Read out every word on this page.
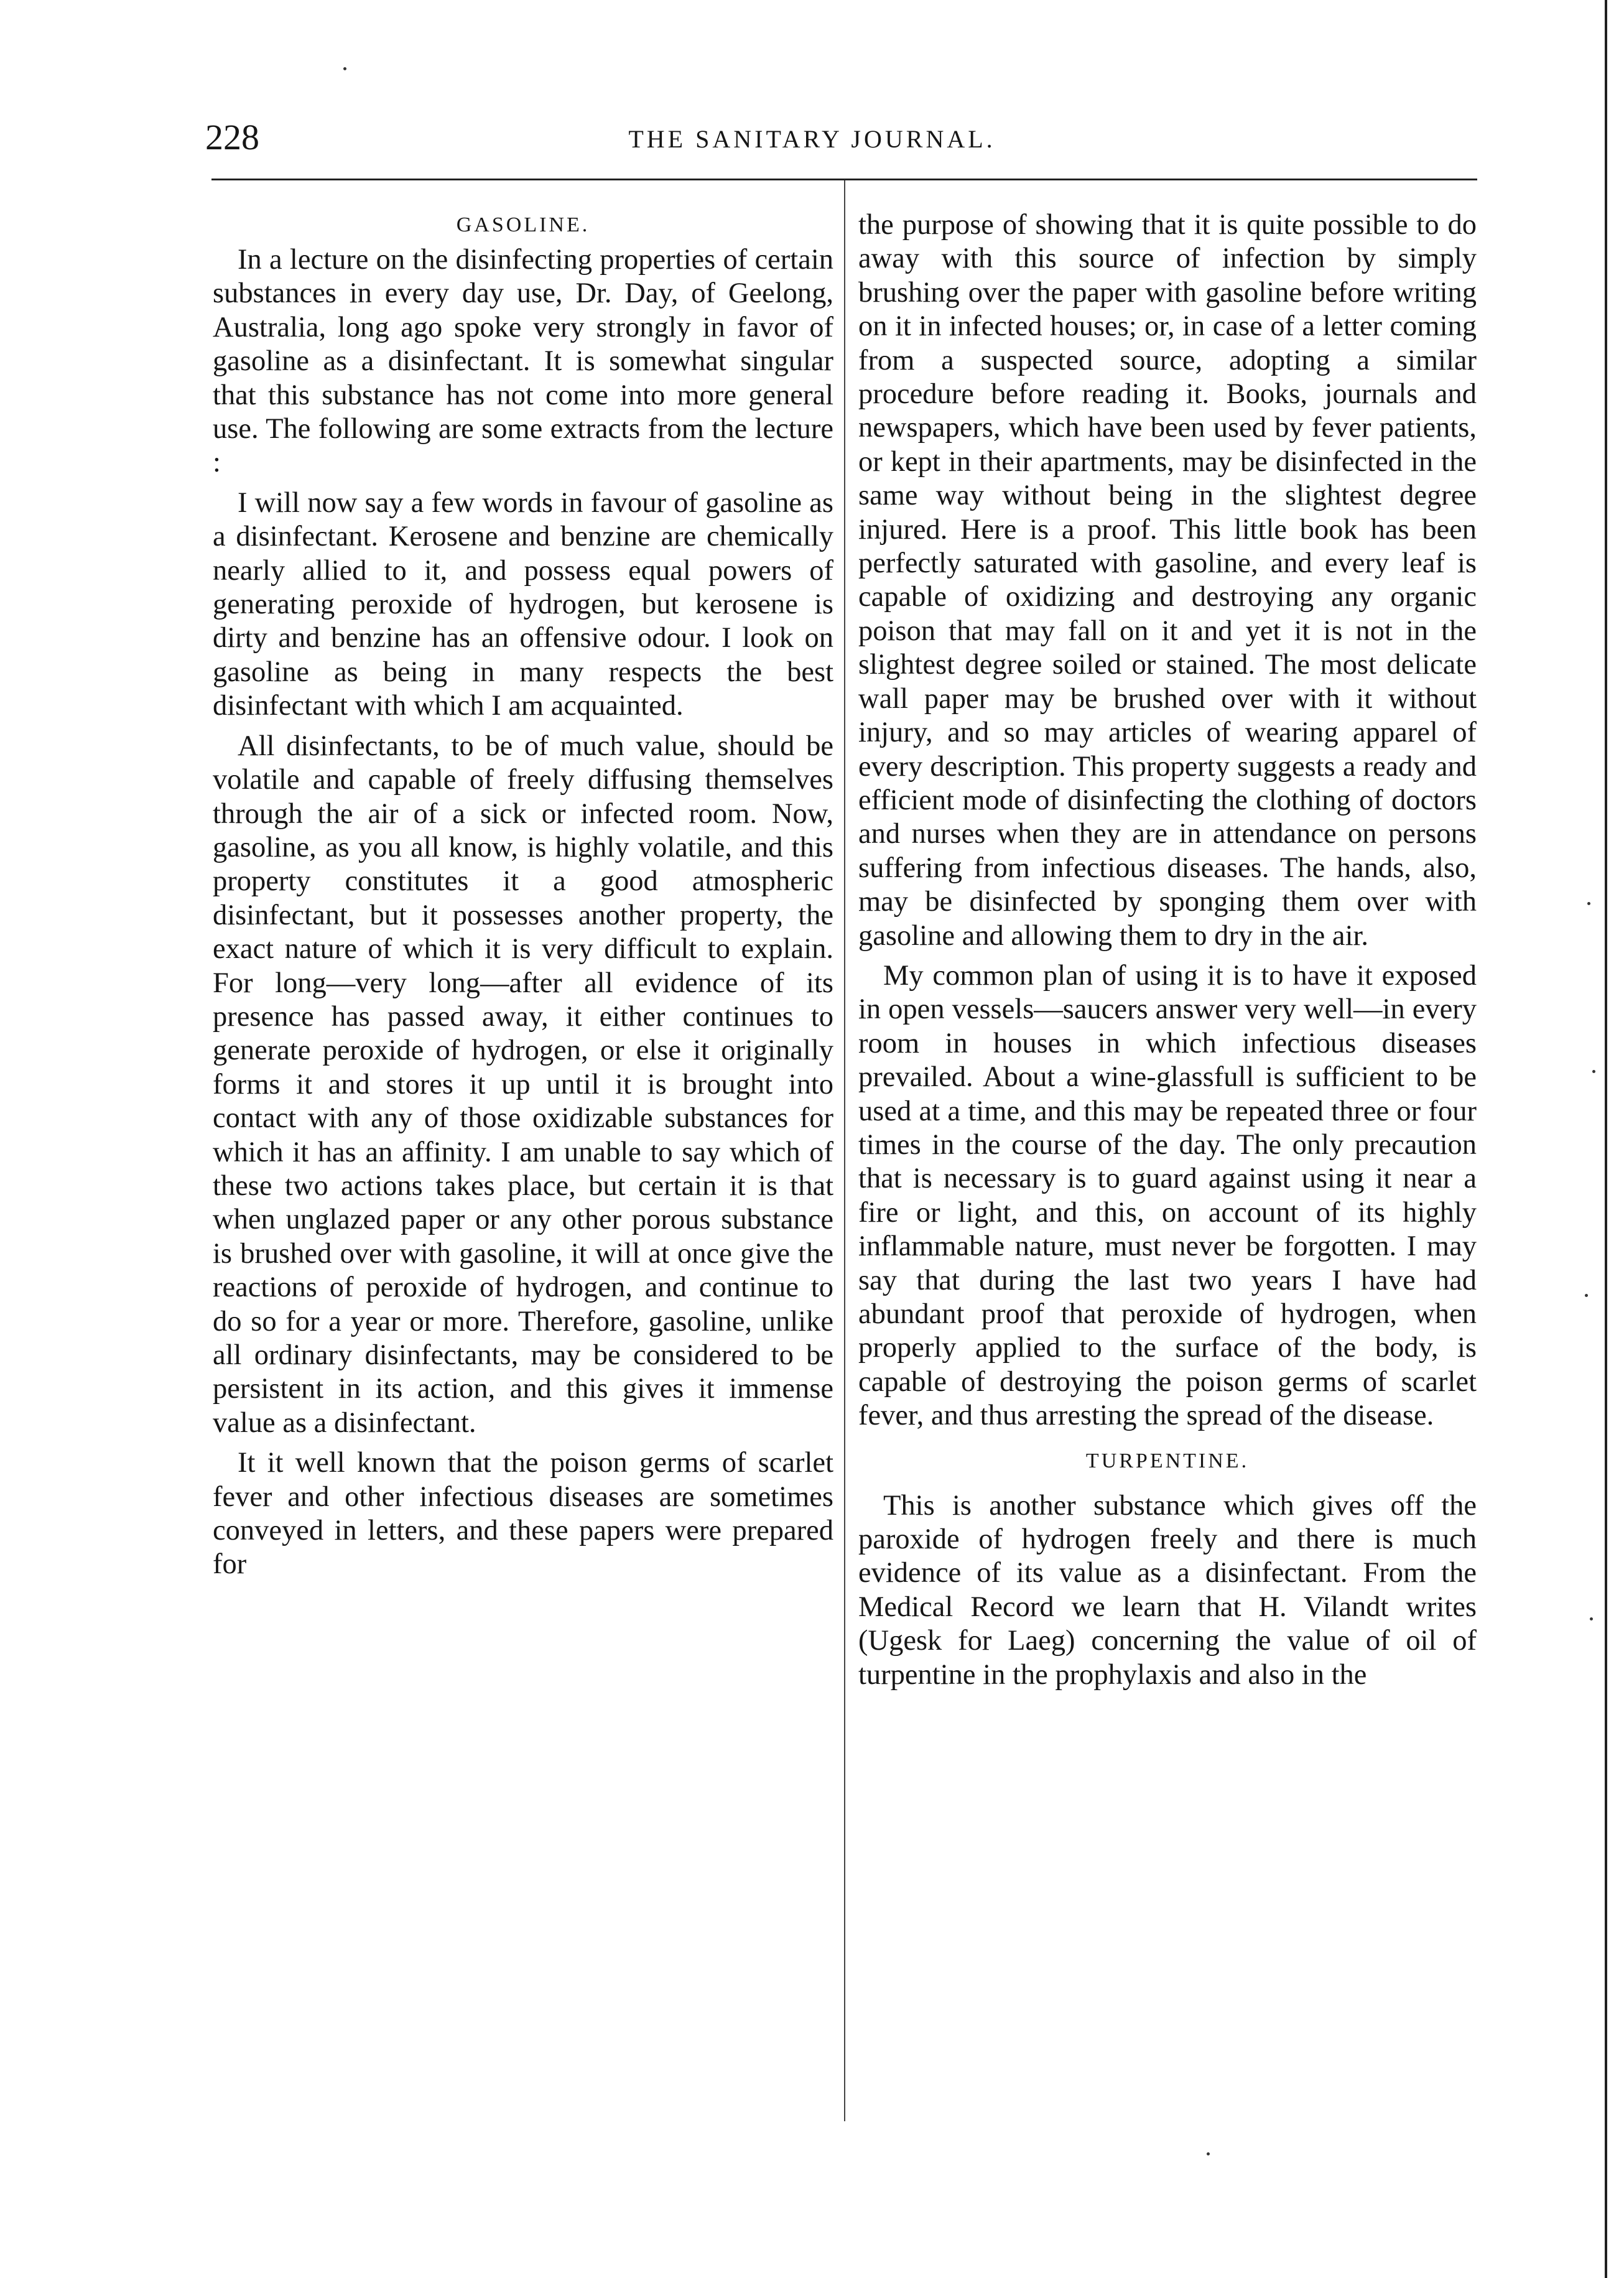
228	THE SANITARY JOURNAL.
GASOLINE.

In a lecture on the disinfecting properties of certain substances in every day use, Dr. Day, of Geelong, Australia, long ago spoke very strongly in favor of gasoline as a disinfectant. It is somewhat singular that this substance has not come into more general use. The following are some extracts from the lecture :

I will now say a few words in favour of gasoline as a disinfectant. Kerosene and benzine are chemically nearly allied to it, and possess equal powers of generating peroxide of hydrogen, but kerosene is dirty and benzine has an offensive odour. I look on gasoline as being in many respects the best disinfectant with which I am acquainted.

All disinfectants, to be of much value, should be volatile and capable of freely diffusing themselves through the air of a sick or infected room. Now, gasoline, as you all know, is highly volatile, and this property constitutes it a good atmospheric disinfectant, but it possesses another property, the exact nature of which it is very difficult to explain. For long—very long—after all evidence of its presence has passed away, it either continues to generate peroxide of hydrogen, or else it originally forms it and stores it up until it is brought into contact with any of those oxidizable substances for which it has an affinity. I am unable to say which of these two actions takes place, but certain it is that when unglazed paper or any other porous substance is brushed over with gasoline, it will at once give the reactions of peroxide of hydrogen, and continue to do so for a year or more. Therefore, gasoline, unlike all ordinary disinfectants, may be considered to be persistent in its action, and this gives it immense value as a disinfectant.

It it well known that the poison germs of scarlet fever and other infectious diseases are sometimes conveyed in letters, and these papers were prepared for

the purpose of showing that it is quite possible to do away with this source of infection by simply brushing over the paper with gasoline before writing on it in infected houses; or, in case of a letter coming from a suspected source, adopting a similar procedure before reading it. Books, journals and newspapers, which have been used by fever patients, or kept in their apartments, may be disinfected in the same way without being in the slightest degree injured. Here is a proof. This little book has been perfectly saturated with gasoline, and every leaf is capable of oxidizing and destroying any organic poison that may fall on it and yet it is not in the slightest degree soiled or stained. The most delicate wall paper may be brushed over with it without injury, and so may articles of wearing apparel of every description. This property suggests a ready and efficient mode of disinfecting the clothing of doctors and nurses when they are in attendance on persons suffering from infectious diseases. The hands, also, may be disinfected by sponging them over with gasoline and allowing them to dry in the air.

My common plan of using it is to have it exposed in open vessels—saucers answer very well—in every room in houses in which infectious diseases prevailed. About a wine-glassfull is sufficient to be used at a time, and this may be repeated three or four times in the course of the day. The only precaution that is necessary is to guard against using it near a fire or light, and this, on account of its highly inflammable nature, must never be forgotten. I may say that during the last two years I have had abundant proof that peroxide of hydrogen, when properly applied to the surface of the body, is capable of destroying the poison germs of scarlet fever, and thus arresting the spread of the disease.

TURPENTINE.

This is another substance which gives off the paroxide of hydrogen freely and there is much evidence of its value as a disinfectant. From the Medical Record we learn that H. Vilandt writes (Ugesk for Laeg) concerning the value of oil of turpentine in the prophylaxis and also in the
